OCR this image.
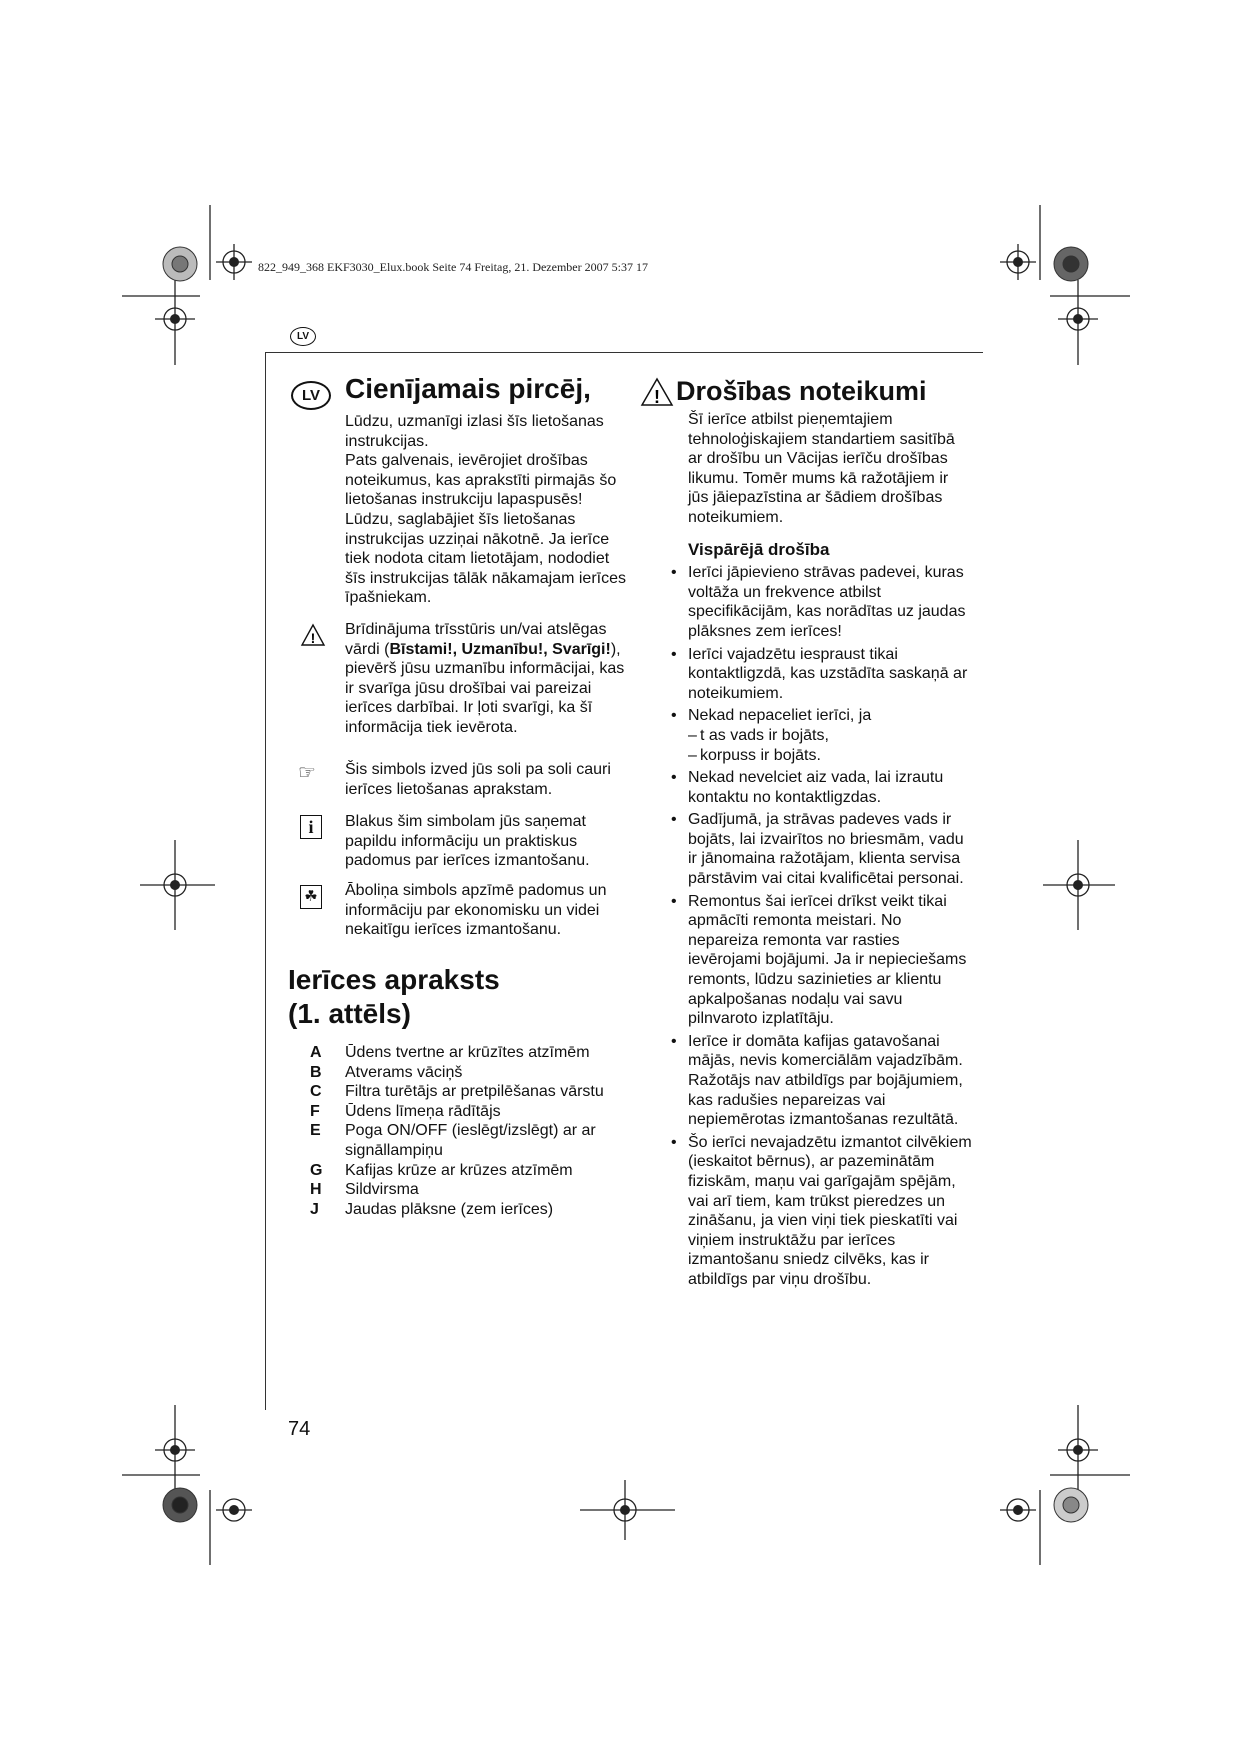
822_949_368 EKF3030_Elux.book Seite 74 Freitag, 21. Dezember 2007 5:37 17
LV
LV Cienījamais pircēj,

Lūdzu, uzmanīgi izlasi šīs lietošanas instrukcijas.

Pats galvenais, ievērojiet drošības noteikumus, kas aprakstīti pirmajās šo lietošanas instrukciju lapaspusēs! Lūdzu, saglabājiet šīs lietošanas instrukcijas uzziņai nākotnē. Ja ierīce tiek nodota citam lietotājam, nododiet šīs instrukcijas tālāk nākamajam ierīces īpašniekam.

! Brīdinājuma trīsstūris un/vai atslēgas vārdi (Bīstami!, Uzmanību!, Svarīgi!), pievērš jūsu uzmanību informācijai, kas ir svarīga jūsu drošībai vai pareizai ierīces darbībai. Ir ļoti svarīgi, ka šī informācija tiek ievērota.
☞ Šis simbols izved jūs soli pa soli cauri ierīces lietošanas aprakstam.
i	Blakus šim simbolam jūs saņemat papildu informāciju un praktiskus padomus par ierīces izmantošanu.
☘ Āboliņa simbols apzīmē padomus un informāciju par ekonomisku un videi nekaitīgu ierīces izmantošanu.
Ierīces apraksts
(1. attēls)
A	Ūdens tvertne ar krūzītes atzīmēm
B	Atverams vāciņš
C	Filtra turētājs ar pretpilēšanas vārstu
F	Ūdens līmeņa rādītājs
E	Poga ON/OFF (ieslēgt/izslēgt) ar ar signāllampiņu
G	Kafijas krūze ar krūzes atzīmēm
H	Sildvirsma
J	Jaudas plāksne (zem ierīces)
74
! Drošības noteikumi

Šī ierīce atbilst pieņemtajiem tehnoloģiskajiem standartiem sasitībā ar drošību un Vācijas ierīču drošības likumu. Tomēr mums kā ražotājiem ir jūs jāiepazīstina ar šādiem drošības noteikumiem.

Vispārējā drošība

• Ierīci jāpievieno strāvas padevei, kuras voltāža un frekvence atbilst specifikācijām, kas norādītas uz jaudas plāksnes zem ierīces!
• Ierīci vajadzētu iespraust tikai kontaktligzdā, kas uzstādīta saskaņā ar noteikumiem.
• Nekad nepaceliet ierīci, ja
– t as vads ir bojāts,
– korpuss ir bojāts.
• Nekad nevelciet aiz vada, lai izrautu kontaktu no kontaktligzdas.
• Gadījumā, ja strāvas padeves vads ir bojāts, lai izvairītos no briesmām, vadu ir jānomaina ražotājam, klienta servisa pārstāvim vai citai kvalificētai personai.
• Remontus šai ierīcei drīkst veikt tikai apmācīti remonta meistari. No nepareiza remonta var rasties ievērojami bojājumi. Ja ir nepieciešams remonts, lūdzu sazinieties ar klientu apkalpošanas nodaļu vai savu pilnvaroto izplatītāju.
• Ierīce ir domāta kafijas gatavošanai mājās, nevis komerciālām vajadzībām. Ražotājs nav atbildīgs par bojājumiem, kas radušies nepareizas vai nepiemērotas izmantošanas rezultātā.
• Šo ierīci nevajadzētu izmantot cilvēkiem (ieskaitot bērnus), ar pazeminātām fiziskām, maņu vai garīgajām spējām, vai arī tiem, kam trūkst pieredzes un zināšanu, ja vien viņi tiek pieskatīti vai viņiem instruktāžu par ierīces izmantošanu sniedz cilvēks, kas ir atbildīgs par viņu drošību.
